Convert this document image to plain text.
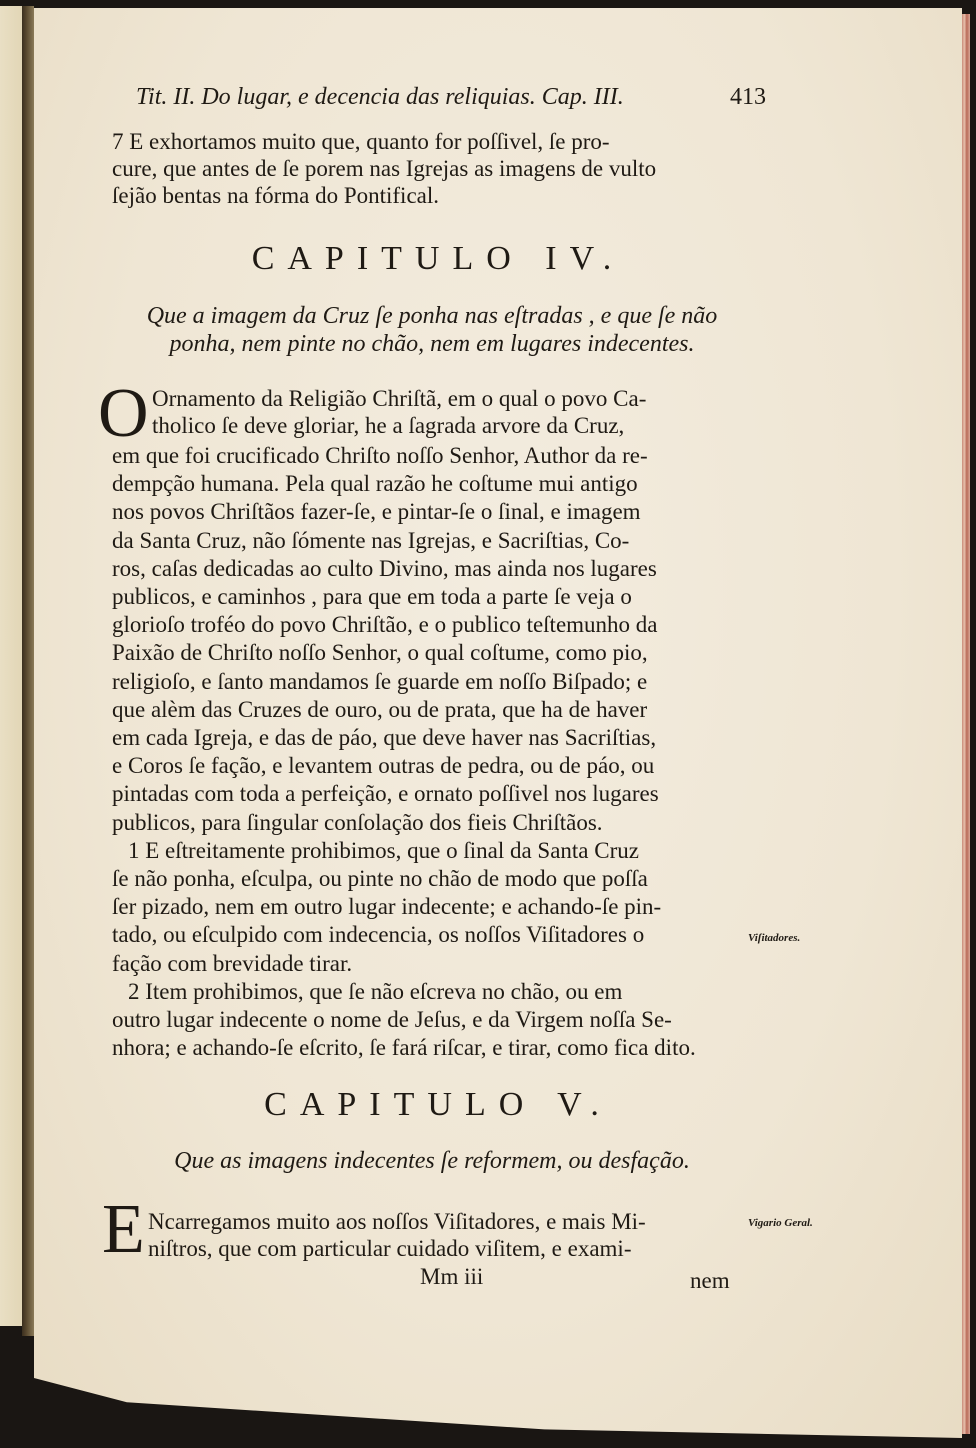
Tit. II. Do lugar, e decencia das reliquias. Cap. III.	413
7 E exhortamos muito que, quanto for poſſivel, ſe pro-
cure, que antes de ſe porem nas Igrejas as imagens de vulto
ſejão bentas na fórma do Pontifical.
CAPITULO IV.
Que a imagem da Cruz ſe ponha nas eſtradas , e que ſe não
ponha, nem pinte no chão, nem em lugares indecentes.
O Ornamento da Religião Chriſtã, em o qual o povo Ca-
tholico ſe deve gloriar, he a ſagrada arvore da Cruz,
em que foi crucificado Chriſto noſſo Senhor, Author da re-
dempção humana. Pela qual razão he coſtume mui antigo
nos povos Chriſtãos fazer-ſe, e pintar-ſe o ſinal, e imagem
da Santa Cruz, não ſómente nas Igrejas, e Sacriſtias, Co-
ros, caſas dedicadas ao culto Divino, mas ainda nos lugares
publicos, e caminhos , para que em toda a parte ſe veja o
glorioſo troféo do povo Chriſtão, e o publico teſtemunho da
Paixão de Chriſto noſſo Senhor, o qual coſtume, como pio,
religioſo, e ſanto mandamos ſe guarde em noſſo Biſpado; e
que alèm das Cruzes de ouro, ou de prata, que ha de haver
em cada Igreja, e das de páo, que deve haver nas Sacriſtias,
e Coros ſe fação, e levantem outras de pedra, ou de páo, ou
pintadas com toda a perfeição, e ornato poſſivel nos lugares
publicos, para ſingular conſolação dos fieis Chriſtãos.
1 E eſtreitamente prohibimos, que o ſinal da Santa Cruz
ſe não ponha, eſculpa, ou pinte no chão de modo que poſſa
ſer pizado, nem em outro lugar indecente; e achando-ſe pin-
tado, ou eſculpido com indecencia, os noſſos Viſitadores o
fação com brevidade tirar.
2 Item prohibimos, que ſe não eſcreva no chão, ou em
outro lugar indecente o nome de Jeſus, e da Virgem noſſa Se-
nhora; e achando-ſe eſcrito, ſe fará riſcar, e tirar, como fica dito.
Viſitadores.
CAPITULO V.
Que as imagens indecentes ſe reformem, ou desfação.
E Ncarregamos muito aos noſſos Viſitadores, e mais Mi-
niſtros, que com particular cuidado viſitem, e exami-
Vigario Geral.
Mm iii	nem
